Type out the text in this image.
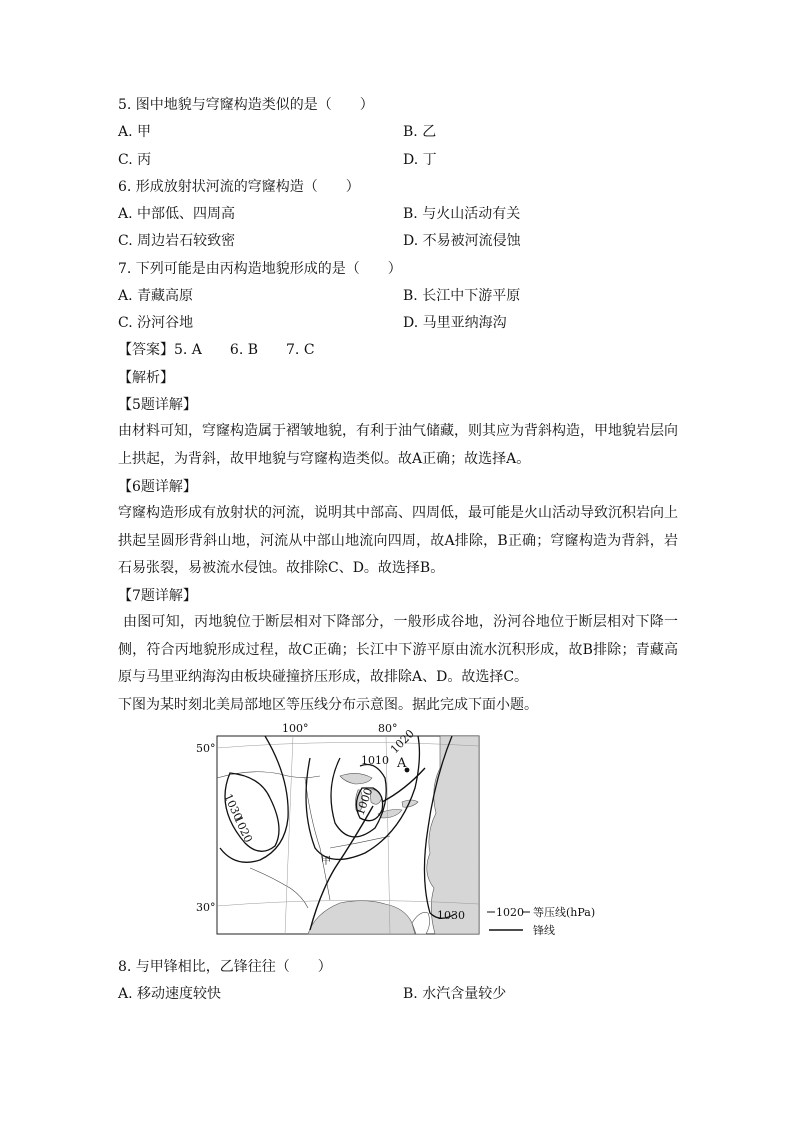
5. 图中地貌与穹窿构造类似的是（　　）
A. 甲	B. 乙
C. 丙	D. 丁
6. 形成放射状河流的穹窿构造（　　）
A. 中部低、四周高	B. 与火山活动有关
C. 周边岩石较致密	D. 不易被河流侵蚀
7. 下列可能是由丙构造地貌形成的是（　　）
A. 青藏高原	B. 长江中下游平原
C. 汾河谷地	D. 马里亚纳海沟
【答案】5. A　　6. B　　7. C
【解析】
【5题详解】
由材料可知，穹窿构造属于褶皱地貌，有利于油气储藏，则其应为背斜构造，甲地貌岩层向上拱起，为背斜，故甲地貌与穹窿构造类似。故A正确；故选择A。
【6题详解】
穹窿构造形成有放射状的河流，说明其中部高、四周低，最可能是火山活动导致沉积岩向上拱起呈圆形背斜山地，河流从中部山地流向四周，故A排除，B正确；穹窿构造为背斜，岩石易张裂，易被流水侵蚀。故排除C、D。故选择B。
【7题详解】
由图可知，丙地貌位于断层相对下降部分，一般形成谷地，汾河谷地位于断层相对下降一侧，符合丙地貌形成过程，故C正确；长江中下游平原由流水沉积形成，故B排除；青藏高原与马里亚纳海沟由板块碰撞挤压形成，故排除A、D。故选择C。
下图为某时刻北美局部地区等压线分布示意图。据此完成下面小题。
100°	80°
50°
30°
1010
1020
1000
1030
1020
1030
A
甲
1020 等压线(hPa)
锋线
8. 与甲锋相比，乙锋往往（　　）
A. 移动速度较快	B. 水汽含量较少
